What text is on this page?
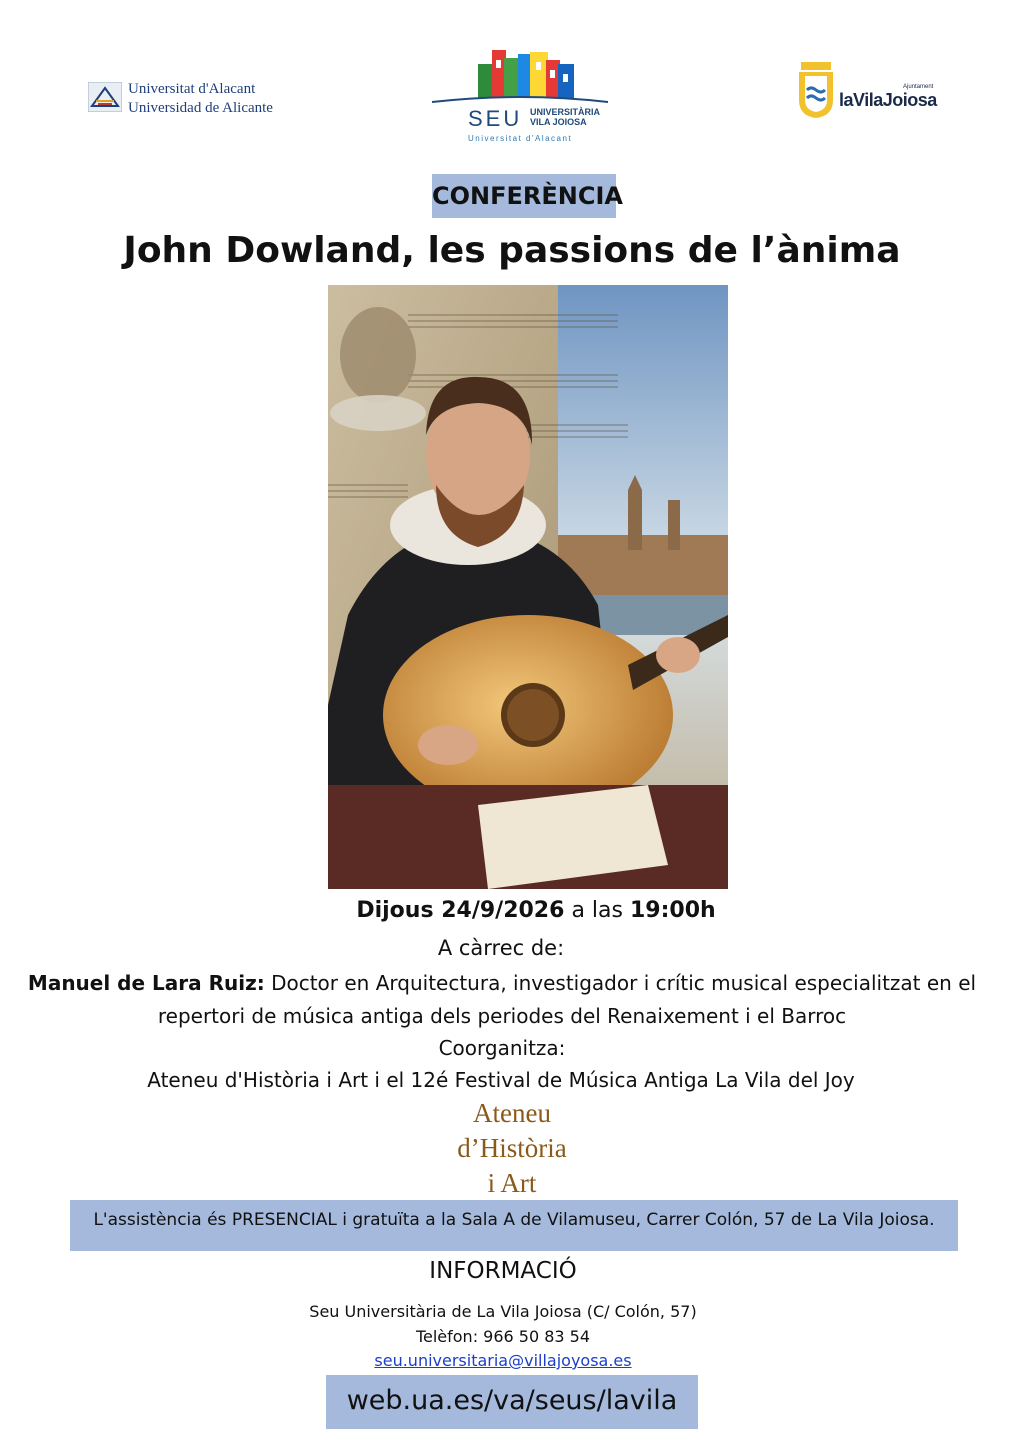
Universitat d'Alacant
Universidad de Alicante	SEU UNIVERSITÀRIA
VILA JOIOSA
Universitat d'Alacant
Ajuntament
laVilaJoiosa
CONFERÈNCIA
John Dowland, les passions de l’ànima
Dijous 24/9/2026 a las 19:00h
A càrrec de:
Manuel de Lara Ruiz: Doctor en Arquitectura, investigador i crític musical especialitzat en el repertori de música antiga dels periodes del Renaixement i el Barroc
Coorganitza:
Ateneu d'Història i Art i el 12é Festival de Música Antiga La Vila del Joy
Ateneu
d’Història
i Art
L'assistència és PRESENCIAL i gratuïta a la Sala A de Vilamuseu, Carrer Colón, 57 de La Vila Joiosa.
INFORMACIÓ
Seu Universitària de La Vila Joiosa (C/ Colón, 57)
Telèfon: 966 50 83 54
seu.universitaria@villajoyosa.es
web.ua.es/va/seus/lavila
